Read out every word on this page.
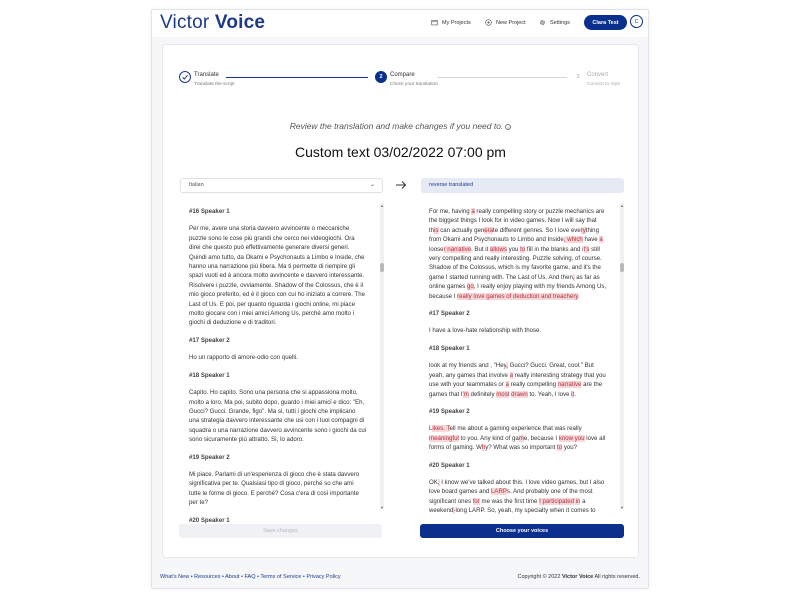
Victor Voice	My Projects	New Project	Settings	Clara Test	C
Translate
Translate the script
2	Compare
Check your translation
3	Convert
Convert to mp3
Review the translation and make changes if you need to. i
Custom text 03/02/2022 07:00 pm
Italian	⌄	reverse translated
#16 Speaker 1
Per me, avere una storia davvero avvincente o meccaniche puzzle sono le cose più grandi che cerco nei videogiochi. Ora direi che questo può effettivamente generare diversi generi. Quindi amo tutto, da Okami e Psychonauts a Limbo e Inside, che hanno una narrazione più libera. Ma ti permette di riempire gli spazi vuoti ed è ancora molto avvincente e davvero interessante. Risolvere i puzzle, ovviamente. Shadow of the Colossus, che è il mio gioco preferito, ed è il gioco con cui ho iniziato a correre. The Last of Us. E poi, per quanto riguarda i giochi online, mi piace molto giocare con i miei amici Among Us, perché amo molto i giochi di deduzione e di traditori.
#17 Speaker 2
Ho un rapporto di amore-odio con quelli.
#18 Speaker 1
Capito. Ho capito. Sono una persona che si appassiona molto, molto a loro. Ma poi, subito dopo, guardo i miei amici e dico: "Eh, Gucci? Gucci. Grande, figo". Ma sì, tutti i giochi che implicano una strategia davvero interessante che usi con i tuoi compagni di squadra o una narrazione davvero avvincente sono i giochi da cui sono sicuramente più attratto. Sì, lo adoro.
#19 Speaker 2
Mi piace. Parlami di un'esperienza di gioco che è stata davvero significativa per te. Qualsiasi tipo di gioco, perché so che ami tutte le forme di gioco. E perché? Cosa c'era di così importante per te?
#20 Speaker 1
▲
▼
For me, having a really compelling story or puzzle mechanics are the biggest things I look for in video games. Now I will say that this can actually generate different genres. So I love everything from Okami and Psychonauts to Limbo and Inside, which have a looser narrative. But it allows you to fill in the blanks and it's still very compelling and really interesting. Puzzle solving, of course. Shadow of the Colossus, which is my favorite game, and it's the game I started running with. The Last of Us. And then, as far as online games go, I really enjoy playing with my friends Among Us, because I really love games of deduction and treachery.
#17 Speaker 2
I have a love-hate relationship with those.
#18 Speaker 1
look at my friends and , "Hey, Gucci? Gucci. Great, cool." But yeah, any games that involve a really interesting strategy that you use with your teammates or a really compelling narrative are the games that I'm definitely most drawn to. Yeah, I love it.
#19 Speaker 2
Likes. Tell me about a gaming experience that was really meaningful to you. Any kind of game, because I know you love all forms of gaming. Why? What was so important to you?
#20 Speaker 1
OK, I know we've talked about this. I love video games, but I also love board games and LARPs. And probably one of the most significant ones for me was the first time I participated in a weekend-long LARP. So, yeah, my specialty when it comes to
▲
▼
Save changes	Choose your voices
What's New • Resources • About • FAQ • Terms of Service • Privacy Policy	Copyright © 2022 Victor Voice All rights reserved.
